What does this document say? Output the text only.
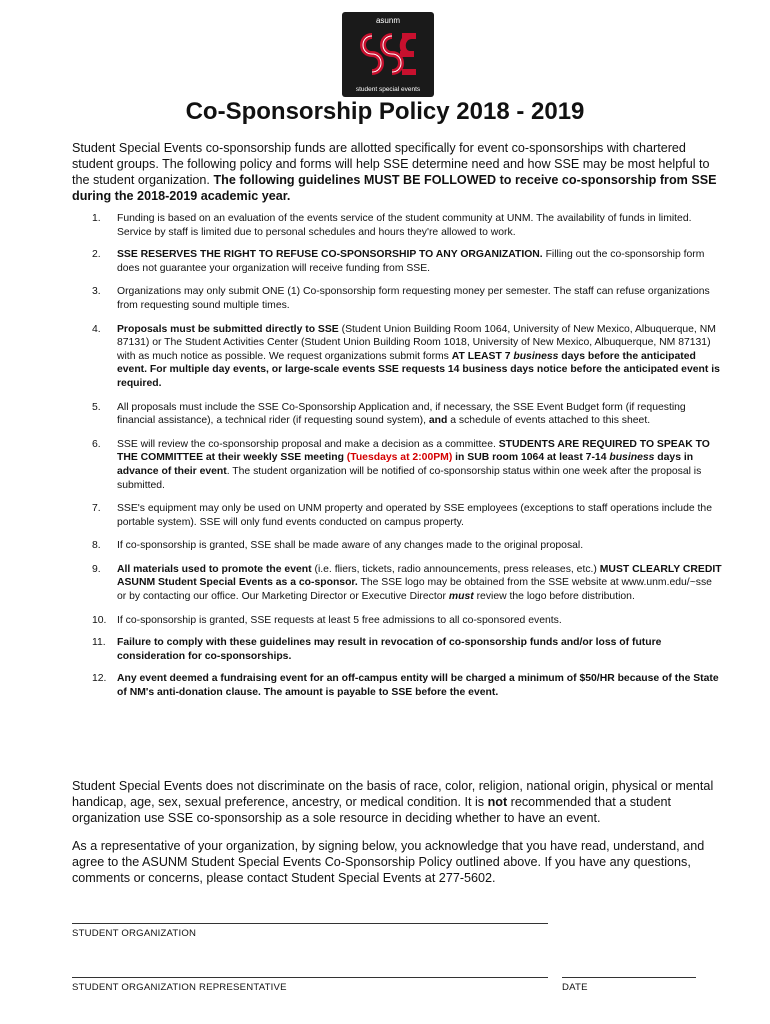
asunm
student special events
Co-Sponsorship Policy 2018 - 2019
Student Special Events co-sponsorship funds are allotted specifically for event co-sponsorships with chartered student groups. The following policy and forms will help SSE determine need and how SSE may be most helpful to the student organization. The following guidelines MUST BE FOLLOWED to receive co-sponsorship from SSE during the 2018-2019 academic year.
1.	Funding is based on an evaluation of the events service of the student community at UNM. The availability of funds in limited. Service by staff is limited due to personal schedules and hours they're allowed to work.
2.	SSE RESERVES THE RIGHT TO REFUSE CO-SPONSORSHIP TO ANY ORGANIZATION. Filling out the co-sponsorship form does not guarantee your organization will receive funding from SSE.
3.	Organizations may only submit ONE (1) Co-sponsorship form requesting money per semester. The staff can refuse organizations from requesting sound multiple times.
4.	Proposals must be submitted directly to SSE (Student Union Building Room 1064, University of New Mexico, Albuquerque, NM 87131) or The Student Activities Center (Student Union Building Room 1018, University of New Mexico, Albuquerque, NM 87131) with as much notice as possible. We request organizations submit forms AT LEAST 7 business days before the anticipated event. For multiple day events, or large-scale events SSE requests 14 business days notice before the anticipated event is required.
5.	All proposals must include the SSE Co-Sponsorship Application and, if necessary, the SSE Event Budget form (if requesting financial assistance), a technical rider (if requesting sound system), and a schedule of events attached to this sheet.
6.	SSE will review the co-sponsorship proposal and make a decision as a committee. STUDENTS ARE REQUIRED TO SPEAK TO THE COMMITTEE at their weekly SSE meeting (Tuesdays at 2:00PM) in SUB room 1064 at least 7-14 business days in advance of their event. The student organization will be notified of co-sponsorship status within one week after the proposal is submitted.
7.	SSE's equipment may only be used on UNM property and operated by SSE employees (exceptions to staff operations include the portable system). SSE will only fund events conducted on campus property.
8.	If co-sponsorship is granted, SSE shall be made aware of any changes made to the original proposal.
9.	All materials used to promote the event (i.e. fliers, tickets, radio announcements, press releases, etc.) MUST CLEARLY CREDIT ASUNM Student Special Events as a co-sponsor. The SSE logo may be obtained from the SSE website at www.unm.edu/~sse or by contacting our office. Our Marketing Director or Executive Director must review the logo before distribution.
10.	If co-sponsorship is granted, SSE requests at least 5 free admissions to all co-sponsored events.
11.	Failure to comply with these guidelines may result in revocation of co-sponsorship funds and/or loss of future consideration for co-sponsorships.
12.	Any event deemed a fundraising event for an off-campus entity will be charged a minimum of $50/HR because of the State of NM's anti-donation clause. The amount is payable to SSE before the event.
Student Special Events does not discriminate on the basis of race, color, religion, national origin, physical or mental handicap, age, sex, sexual preference, ancestry, or medical condition. It is not recommended that a student organization use SSE co-sponsorship as a sole resource in deciding whether to have an event.
As a representative of your organization, by signing below, you acknowledge that you have read, understand, and agree to the ASUNM Student Special Events Co-Sponsorship Policy outlined above. If you have any questions, comments or concerns, please contact Student Special Events at 277-5602.
STUDENT ORGANIZATION
STUDENT ORGANIZATION REPRESENTATIVE	DATE
